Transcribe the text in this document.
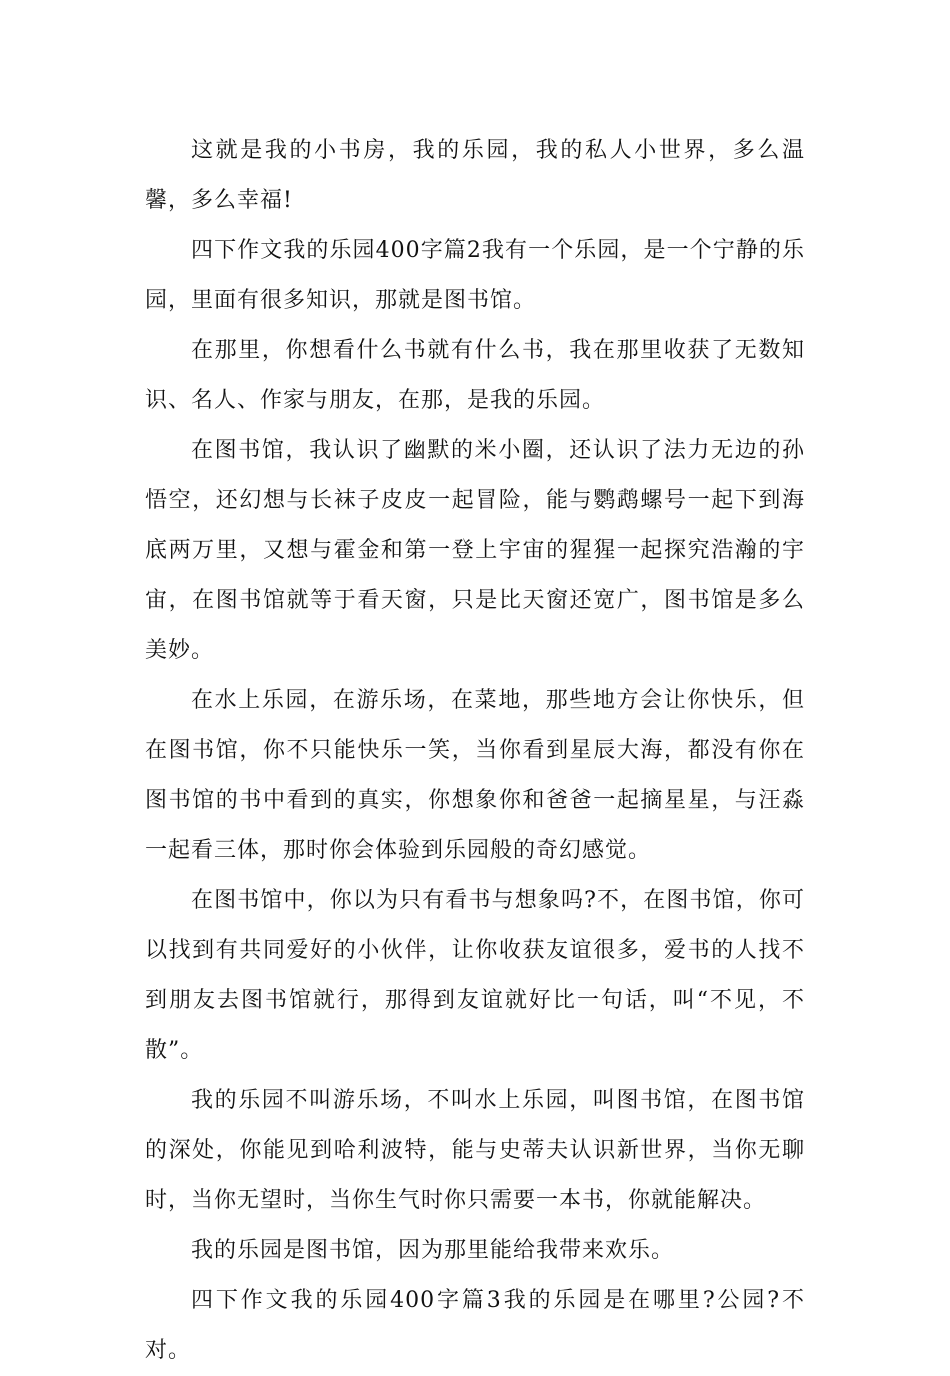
这就是我的小书房，我的乐园，我的私人小世界，多么温馨，多么幸福!

四下作文我的乐园400字篇2我有一个乐园，是一个宁静的乐园，里面有很多知识，那就是图书馆。

在那里，你想看什么书就有什么书，我在那里收获了无数知识、名人、作家与朋友，在那，是我的乐园。

在图书馆，我认识了幽默的米小圈，还认识了法力无边的孙悟空，还幻想与长袜子皮皮一起冒险，能与鹦鹉螺号一起下到海底两万里，又想与霍金和第一登上宇宙的猩猩一起探究浩瀚的宇宙，在图书馆就等于看天窗，只是比天窗还宽广，图书馆是多么美妙。

在水上乐园，在游乐场，在菜地，那些地方会让你快乐，但在图书馆，你不只能快乐一笑，当你看到星辰大海，都没有你在图书馆的书中看到的真实，你想象你和爸爸一起摘星星，与汪淼一起看三体，那时你会体验到乐园般的奇幻感觉。

在图书馆中，你以为只有看书与想象吗?不，在图书馆，你可以找到有共同爱好的小伙伴，让你收获友谊很多，爱书的人找不到朋友去图书馆就行，那得到友谊就好比一句话，叫“不见，不散”。

我的乐园不叫游乐场，不叫水上乐园，叫图书馆，在图书馆的深处，你能见到哈利波特，能与史蒂夫认识新世界，当你无聊时，当你无望时，当你生气时你只需要一本书，你就能解决。

我的乐园是图书馆，因为那里能给我带来欢乐。

四下作文我的乐园400字篇3我的乐园是在哪里?公园?不对。
